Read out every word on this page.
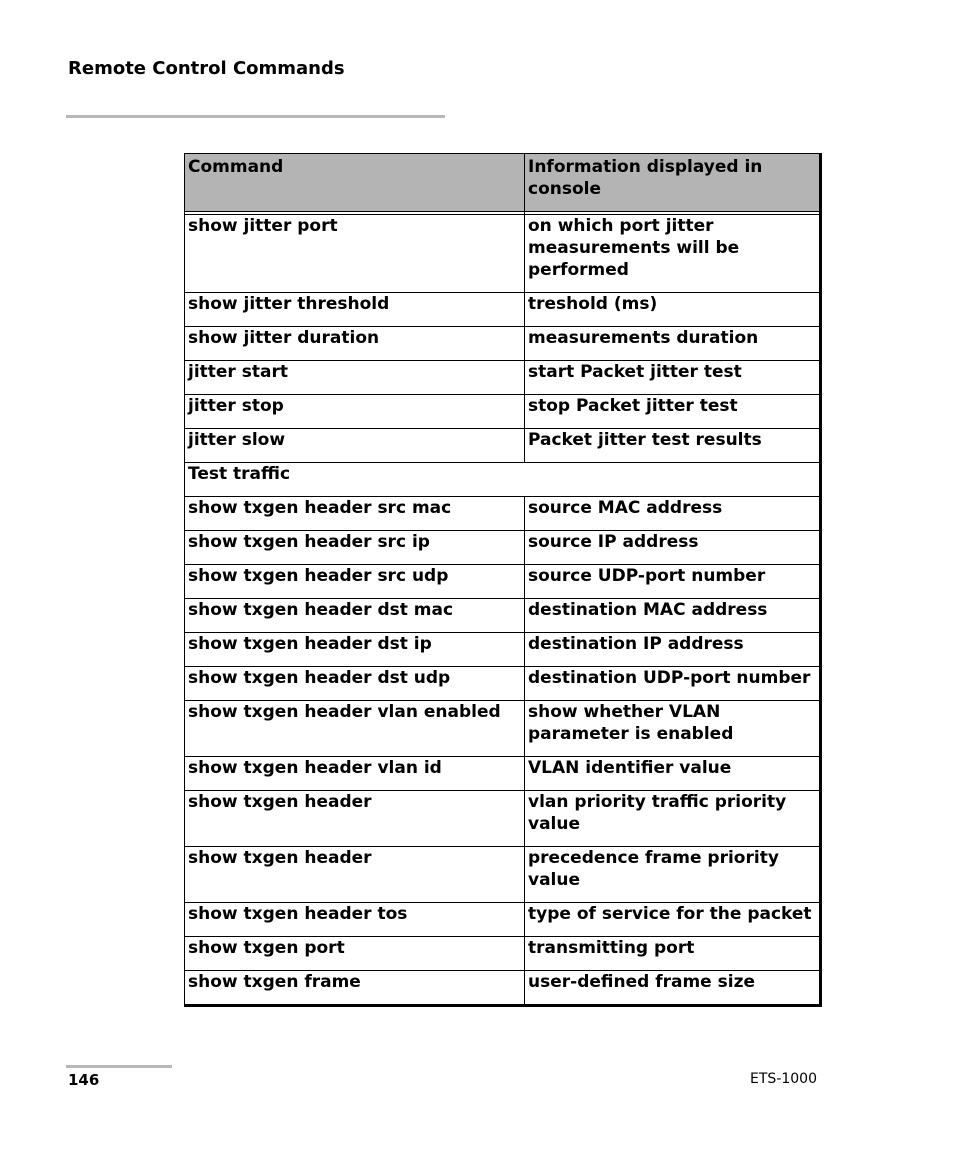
Remote Control Commands
Command	Information displayed in console

show jitter port	on which port jitter measurements will be performed
show jitter threshold	treshold (ms)
show jitter duration	measurements duration
jitter start	start Packet jitter test
jitter stop	stop Packet jitter test
jitter slow	Packet jitter test results
Test traffic	
show txgen header src mac	source MAC address
show txgen header src ip	source IP address
show txgen header src udp	source UDP-port number
show txgen header dst mac	destination MAC address
show txgen header dst ip	destination IP address
show txgen header dst udp	destination UDP-port number
show txgen header vlan enabled	show whether VLAN parameter is enabled
show txgen header vlan id	VLAN identifier value
show txgen header	vlan priority traffic priority value
show txgen header	precedence frame priority value
show txgen header tos	type of service for the packet
show txgen port	transmitting port
show txgen frame	user-defined frame size
146	ETS-1000
